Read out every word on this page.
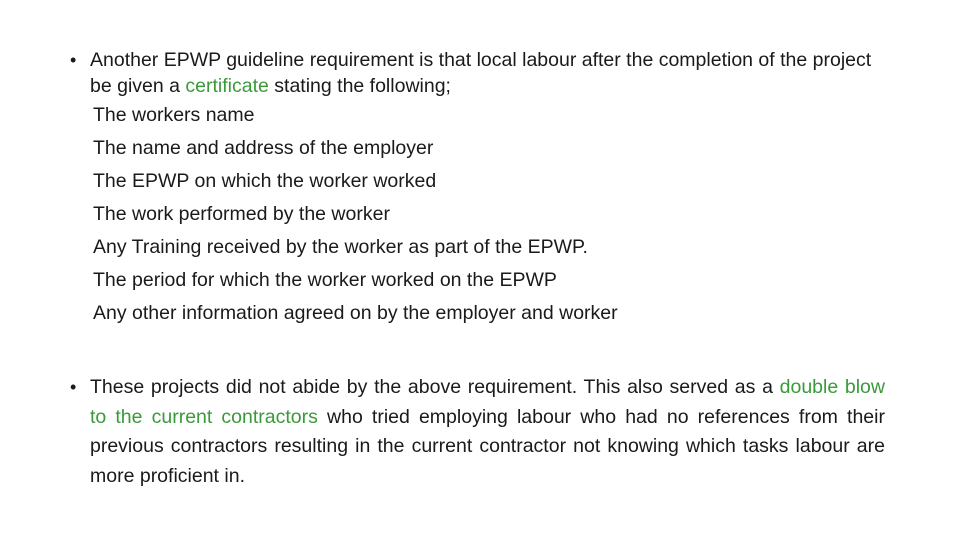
• Another EPWP guideline requirement is that local labour after the completion of the project be given a certificate stating the following;
The workers name
The name and address of the employer
The EPWP on which the worker worked
The work performed by the worker
Any Training received by the worker as part of the EPWP.
The period for which the worker worked on the EPWP
Any other information agreed on by the employer and worker
• These projects did not abide by the above requirement. This also served as a double blow to the current contractors who tried employing labour who had no references from their previous contractors resulting in the current contractor not knowing which tasks labour are more proficient in.
